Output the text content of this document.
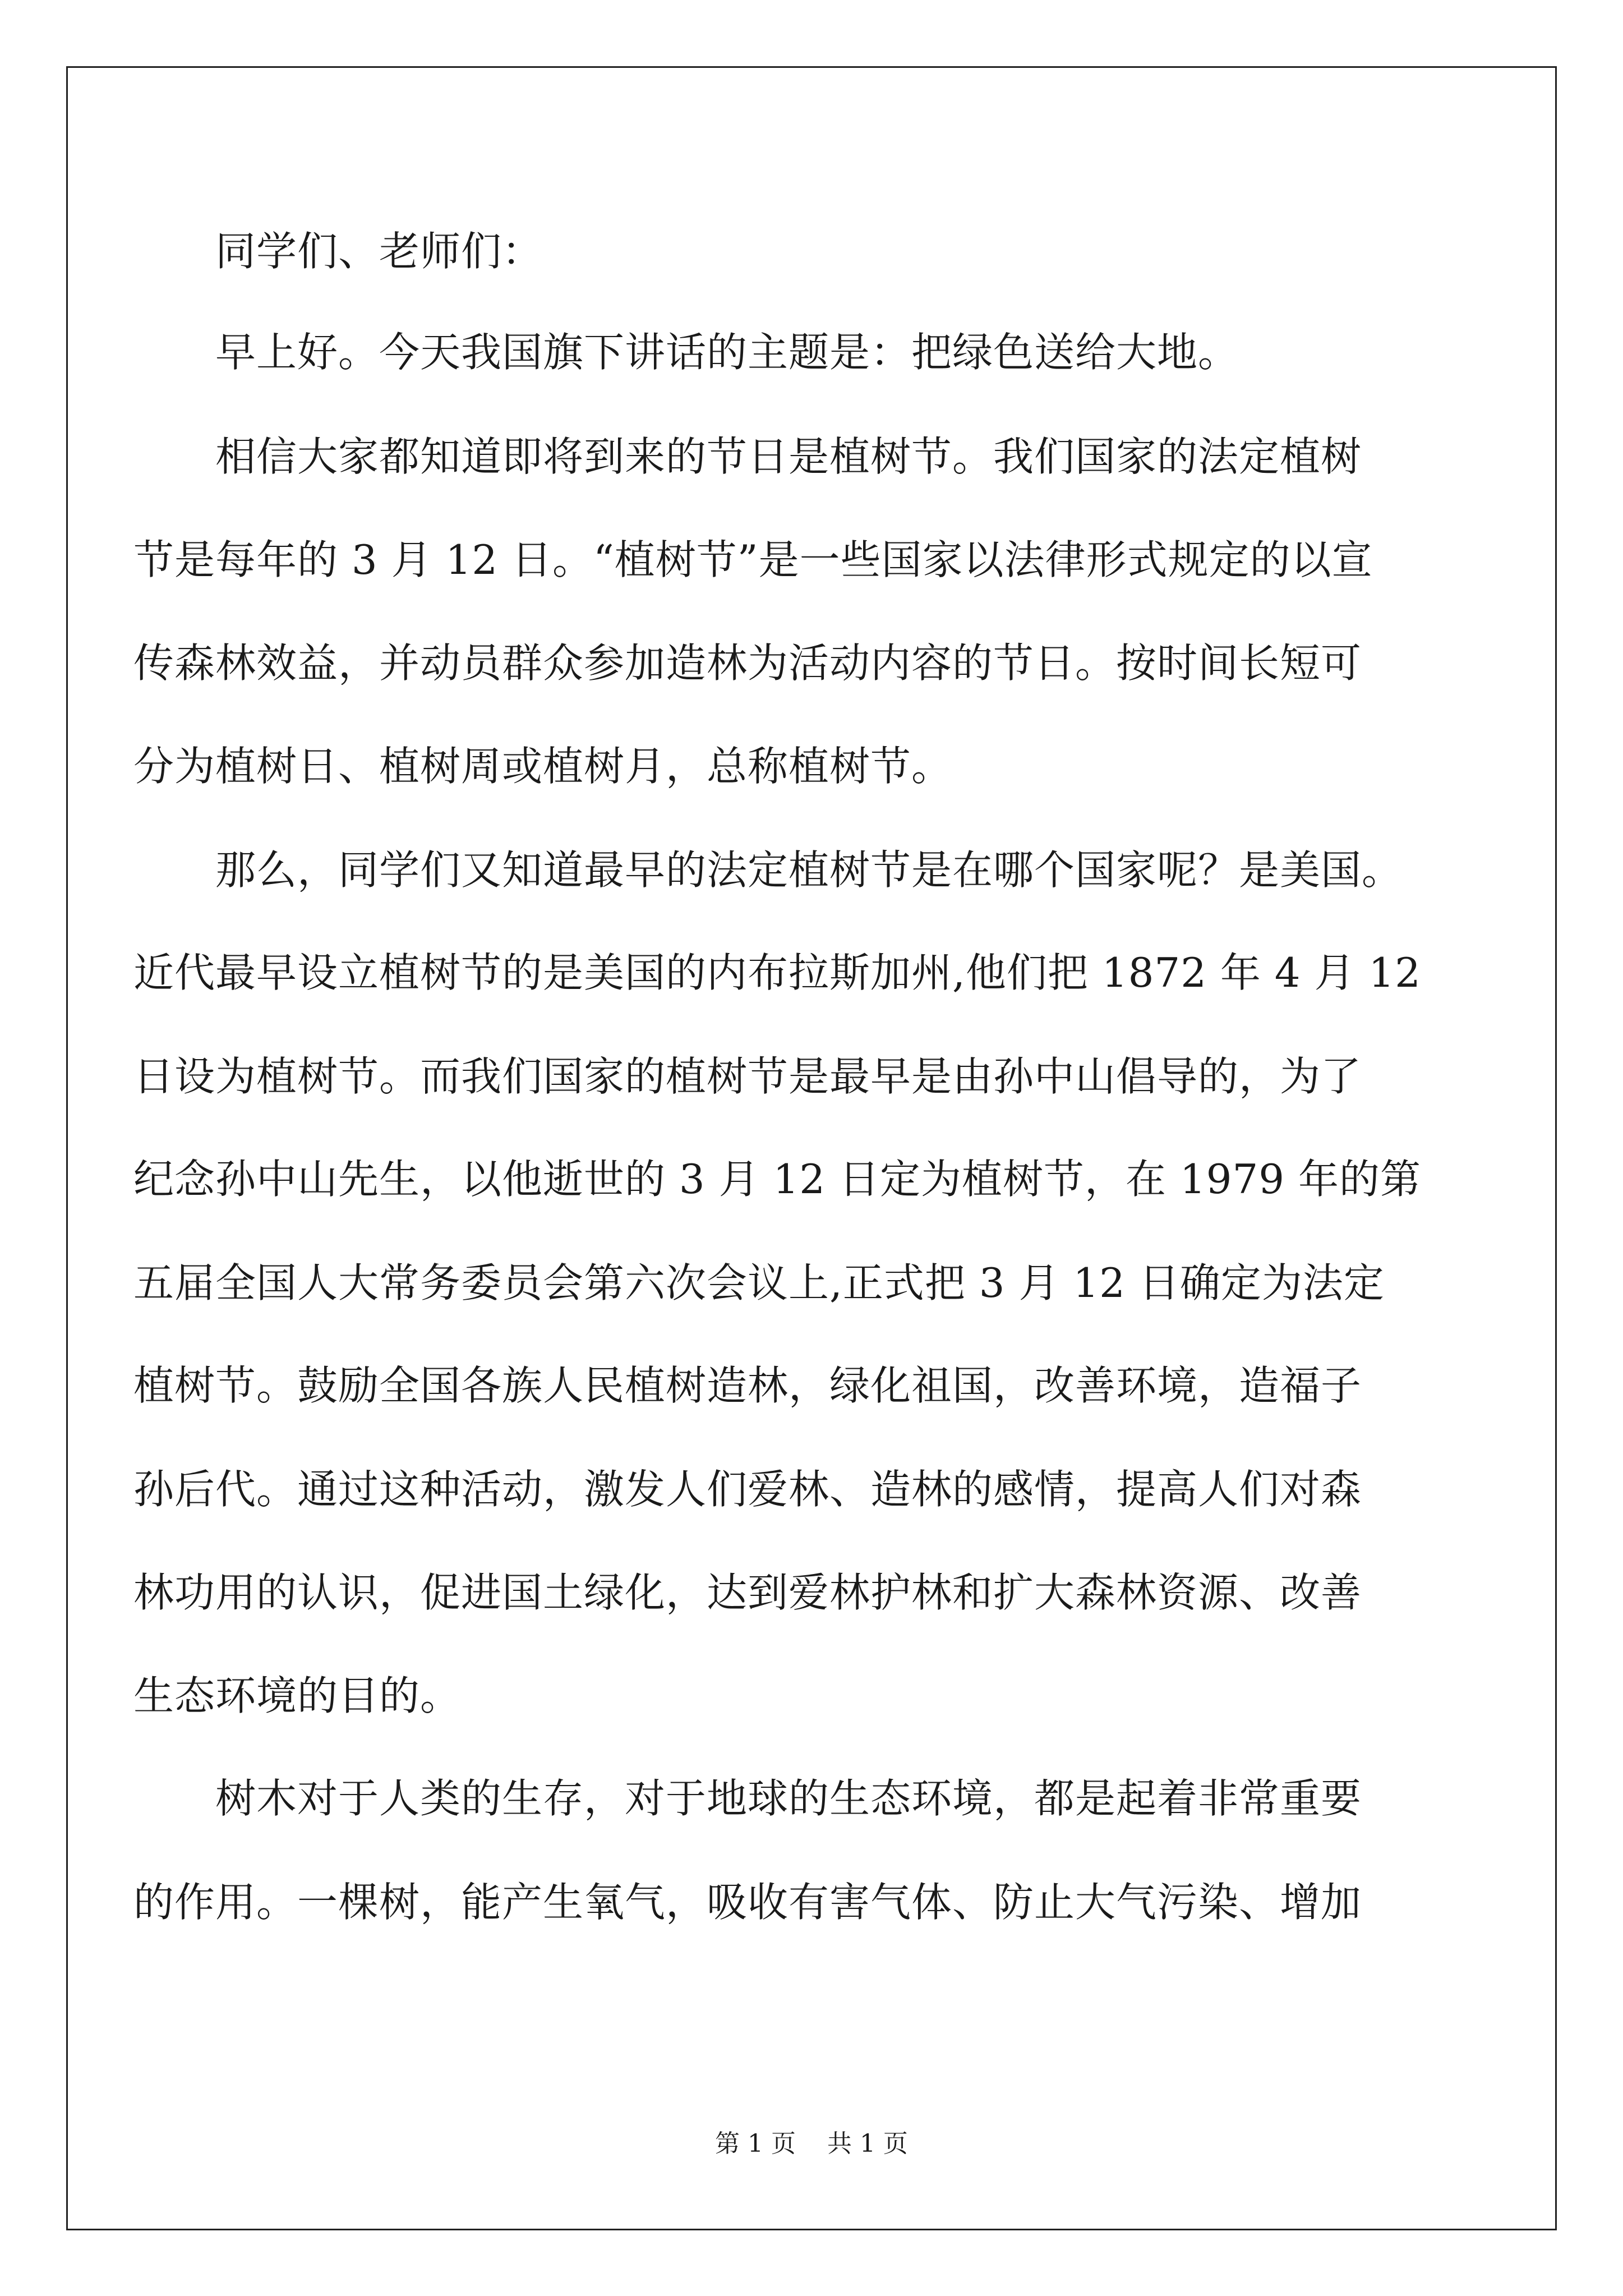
同学们、老师们：
早上好。今天我国旗下讲话的主题是：把绿色送给大地。
相信大家都知道即将到来的节日是植树节。我们国家的法定植树
节是每年的 3 月 12 日。“植树节”是一些国家以法律形式规定的以宣
传森林效益，并动员群众参加造林为活动内容的节日。按时间长短可
分为植树日、植树周或植树月，总称植树节。
那么，同学们又知道最早的法定植树节是在哪个国家呢？是美国。
近代最早设立植树节的是美国的内布拉斯加州,他们把 1872 年 4 月 12
日设为植树节。而我们国家的植树节是最早是由孙中山倡导的，为了
纪念孙中山先生，以他逝世的 3 月 12 日定为植树节，在 1979 年的第
五届全国人大常务委员会第六次会议上,正式把 3 月 12 日确定为法定
植树节。鼓励全国各族人民植树造林，绿化祖国，改善环境，造福子
孙后代。通过这种活动，激发人们爱林、造林的感情，提高人们对森
林功用的认识，促进国土绿化，达到爱林护林和扩大森林资源、改善
生态环境的目的。
树木对于人类的生存，对于地球的生态环境，都是起着非常重要
的作用。一棵树，能产生氧气，吸收有害气体、防止大气污染、增加
第 1 页 共 1 页
